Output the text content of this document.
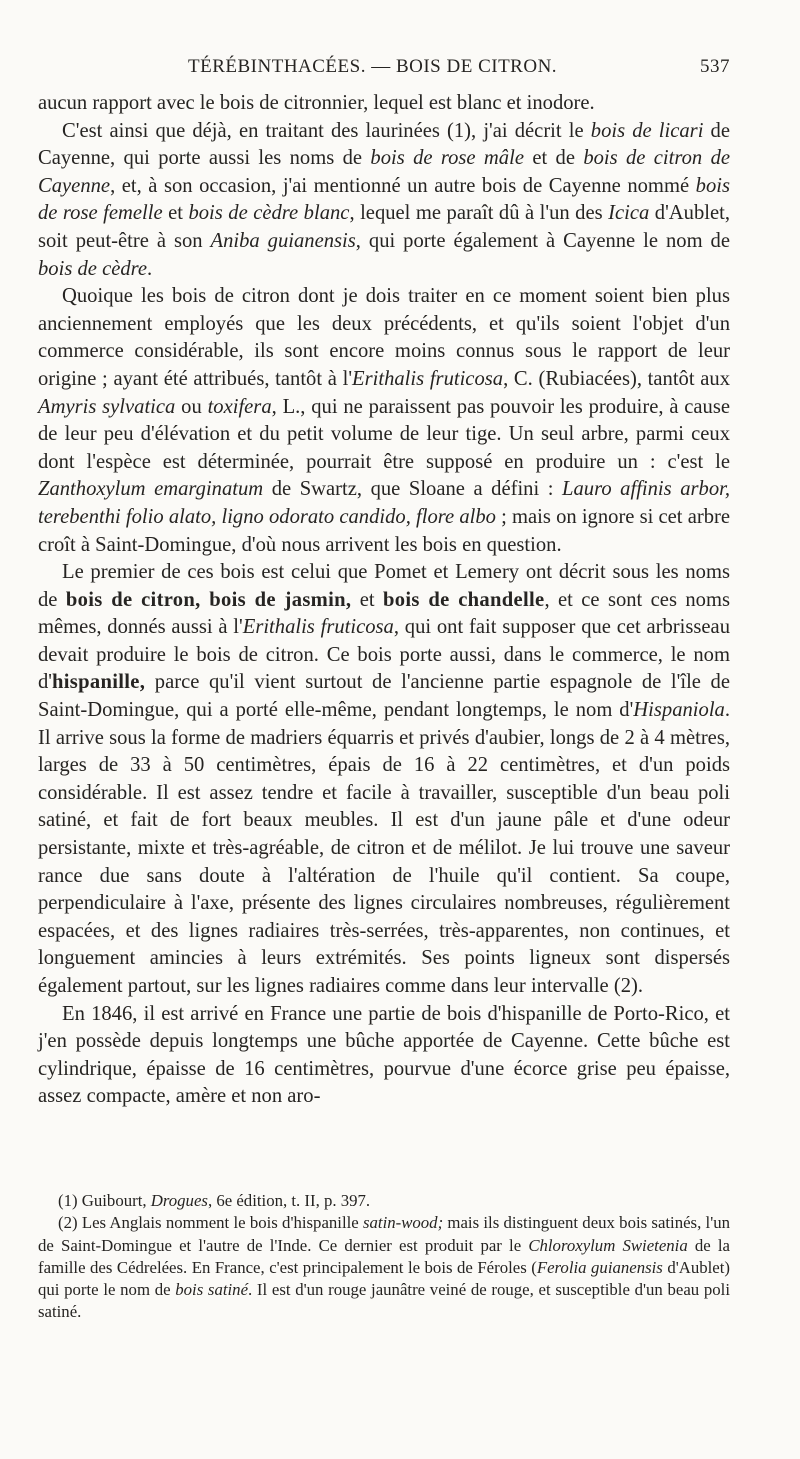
TÉRÉBINTHACÉES. — BOIS DE CITRON.	537

aucun rapport avec le bois de citronnier, lequel est blanc et inodore.

C'est ainsi que déjà, en traitant des laurinées (1), j'ai décrit le bois de licari de Cayenne, qui porte aussi les noms de bois de rose mâle et de bois de citron de Cayenne, et, à son occasion, j'ai mentionné un autre bois de Cayenne nommé bois de rose femelle et bois de cèdre blanc, lequel me paraît dû à l'un des Icica d'Aublet, soit peut-être à son Aniba guianensis, qui porte également à Cayenne le nom de bois de cèdre.

Quoique les bois de citron dont je dois traiter en ce moment soient bien plus anciennement employés que les deux précédents, et qu'ils soient l'objet d'un commerce considérable, ils sont encore moins connus sous le rapport de leur origine ; ayant été attribués, tantôt à l'Erithalis fruticosa, C. (Rubiacées), tantôt aux Amyris sylvatica ou toxifera, L., qui ne paraissent pas pouvoir les produire, à cause de leur peu d'élévation et du petit volume de leur tige. Un seul arbre, parmi ceux dont l'espèce est déterminée, pourrait être supposé en produire un : c'est le Zanthoxylum emarginatum de Swartz, que Sloane a défini : Lauro affinis arbor, terebenthi folio alato, ligno odorato candido, flore albo ; mais on ignore si cet arbre croît à Saint-Domingue, d'où nous arrivent les bois en question.

Le premier de ces bois est celui que Pomet et Lemery ont décrit sous les noms de bois de citron, bois de jasmin, et bois de chandelle, et ce sont ces noms mêmes, donnés aussi à l'Erithalis fruticosa, qui ont fait supposer que cet arbrisseau devait produire le bois de citron. Ce bois porte aussi, dans le commerce, le nom d'hispanille, parce qu'il vient surtout de l'ancienne partie espagnole de l'île de Saint-Domingue, qui a porté elle-même, pendant longtemps, le nom d'Hispaniola. Il arrive sous la forme de madriers équarris et privés d'aubier, longs de 2 à 4 mètres, larges de 33 à 50 centimètres, épais de 16 à 22 centimètres, et d'un poids considérable. Il est assez tendre et facile à travailler, susceptible d'un beau poli satiné, et fait de fort beaux meubles. Il est d'un jaune pâle et d'une odeur persistante, mixte et très-agréable, de citron et de mélilot. Je lui trouve une saveur rance due sans doute à l'altération de l'huile qu'il contient. Sa coupe, perpendiculaire à l'axe, présente des lignes circulaires nombreuses, régulièrement espacées, et des lignes radiaires très-serrées, très-apparentes, non continues, et longuement amincies à leurs extrémités. Ses points ligneux sont dispersés également partout, sur les lignes radiaires comme dans leur intervalle (2).

En 1846, il est arrivé en France une partie de bois d'hispanille de Porto-Rico, et j'en possède depuis longtemps une bûche apportée de Cayenne. Cette bûche est cylindrique, épaisse de 16 centimètres, pourvue d'une écorce grise peu épaisse, assez compacte, amère et non aro-

(1) Guibourt, Drogues, 6e édition, t. II, p. 397.

(2) Les Anglais nomment le bois d'hispanille satin-wood; mais ils distinguent deux bois satinés, l'un de Saint-Domingue et l'autre de l'Inde. Ce dernier est produit par le Chloroxylum Swietenia de la famille des Cédrelées. En France, c'est principalement le bois de Féroles (Ferolia guianensis d'Aublet) qui porte le nom de bois satiné. Il est d'un rouge jaunâtre veiné de rouge, et susceptible d'un beau poli satiné.
